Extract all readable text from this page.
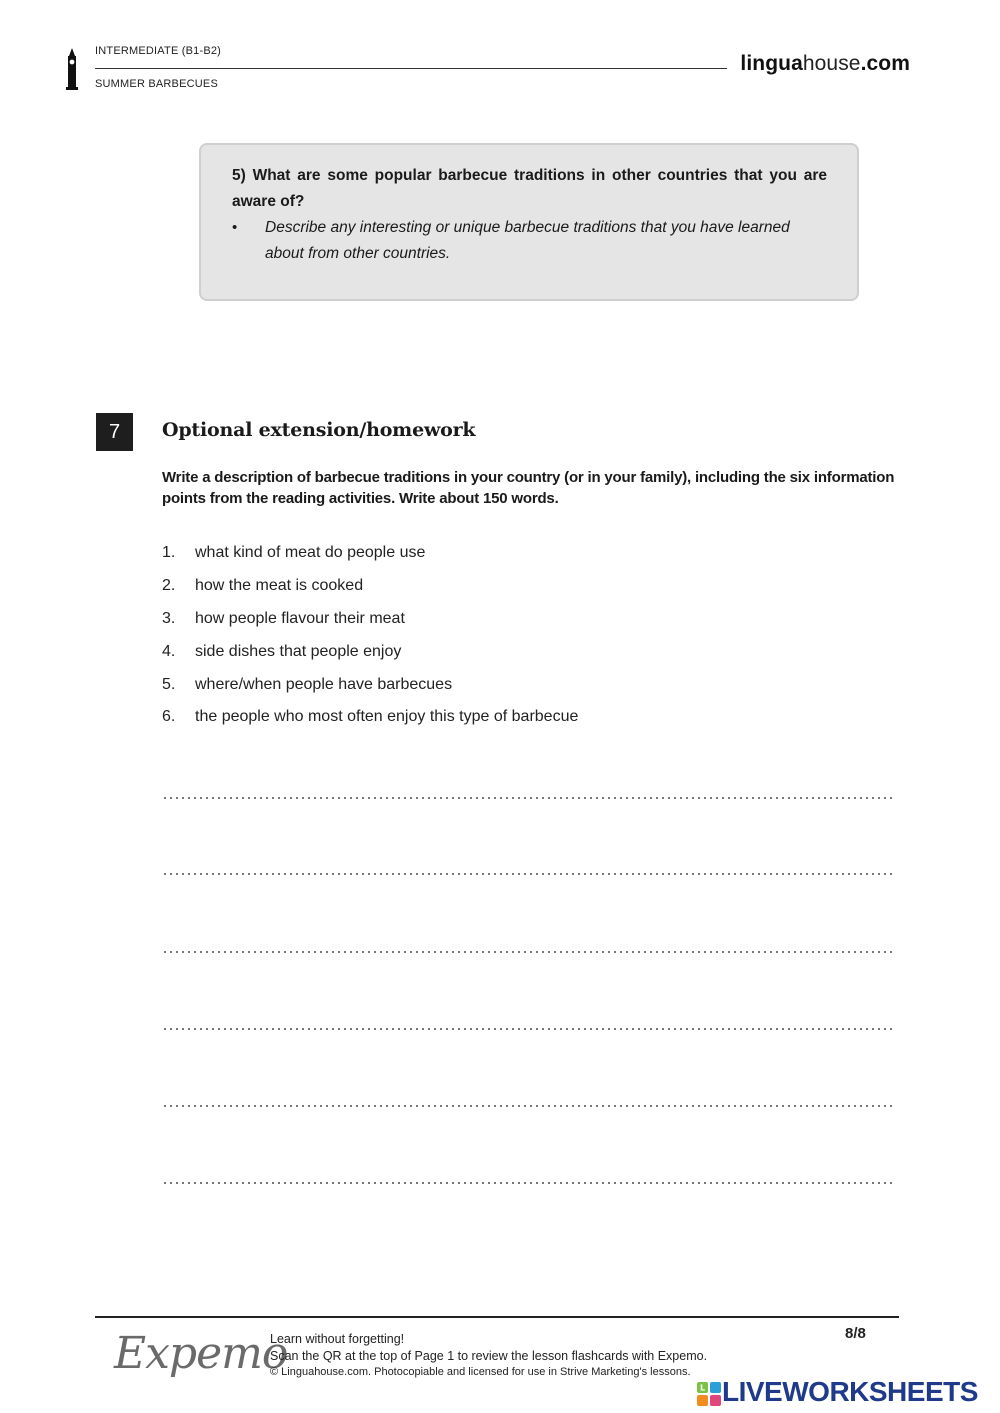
INTERMEDIATE (B1-B2)
SUMMER BARBECUES
linguahouse.com
5) What are some popular barbecue traditions in other countries that you are aware of?
•	Describe any interesting or unique barbecue traditions that you have learned about from other countries.
7	Optional extension/homework
Write a description of barbecue traditions in your country (or in your family), including the six information points from the reading activities. Write about 150 words.
1.	what kind of meat do people use
2.	how the meat is cooked
3.	how people flavour their meat
4.	side dishes that people enjoy
5.	where/when people have barbecues
6.	the people who most often enjoy this type of barbecue
Expemo
Learn without forgetting!
Scan the QR at the top of Page 1 to review the lesson flashcards with Expemo.
© Linguahouse.com. Photocopiable and licensed for use in Strive Marketing's lessons.
8/8
L LIVEWORKSHEETS
